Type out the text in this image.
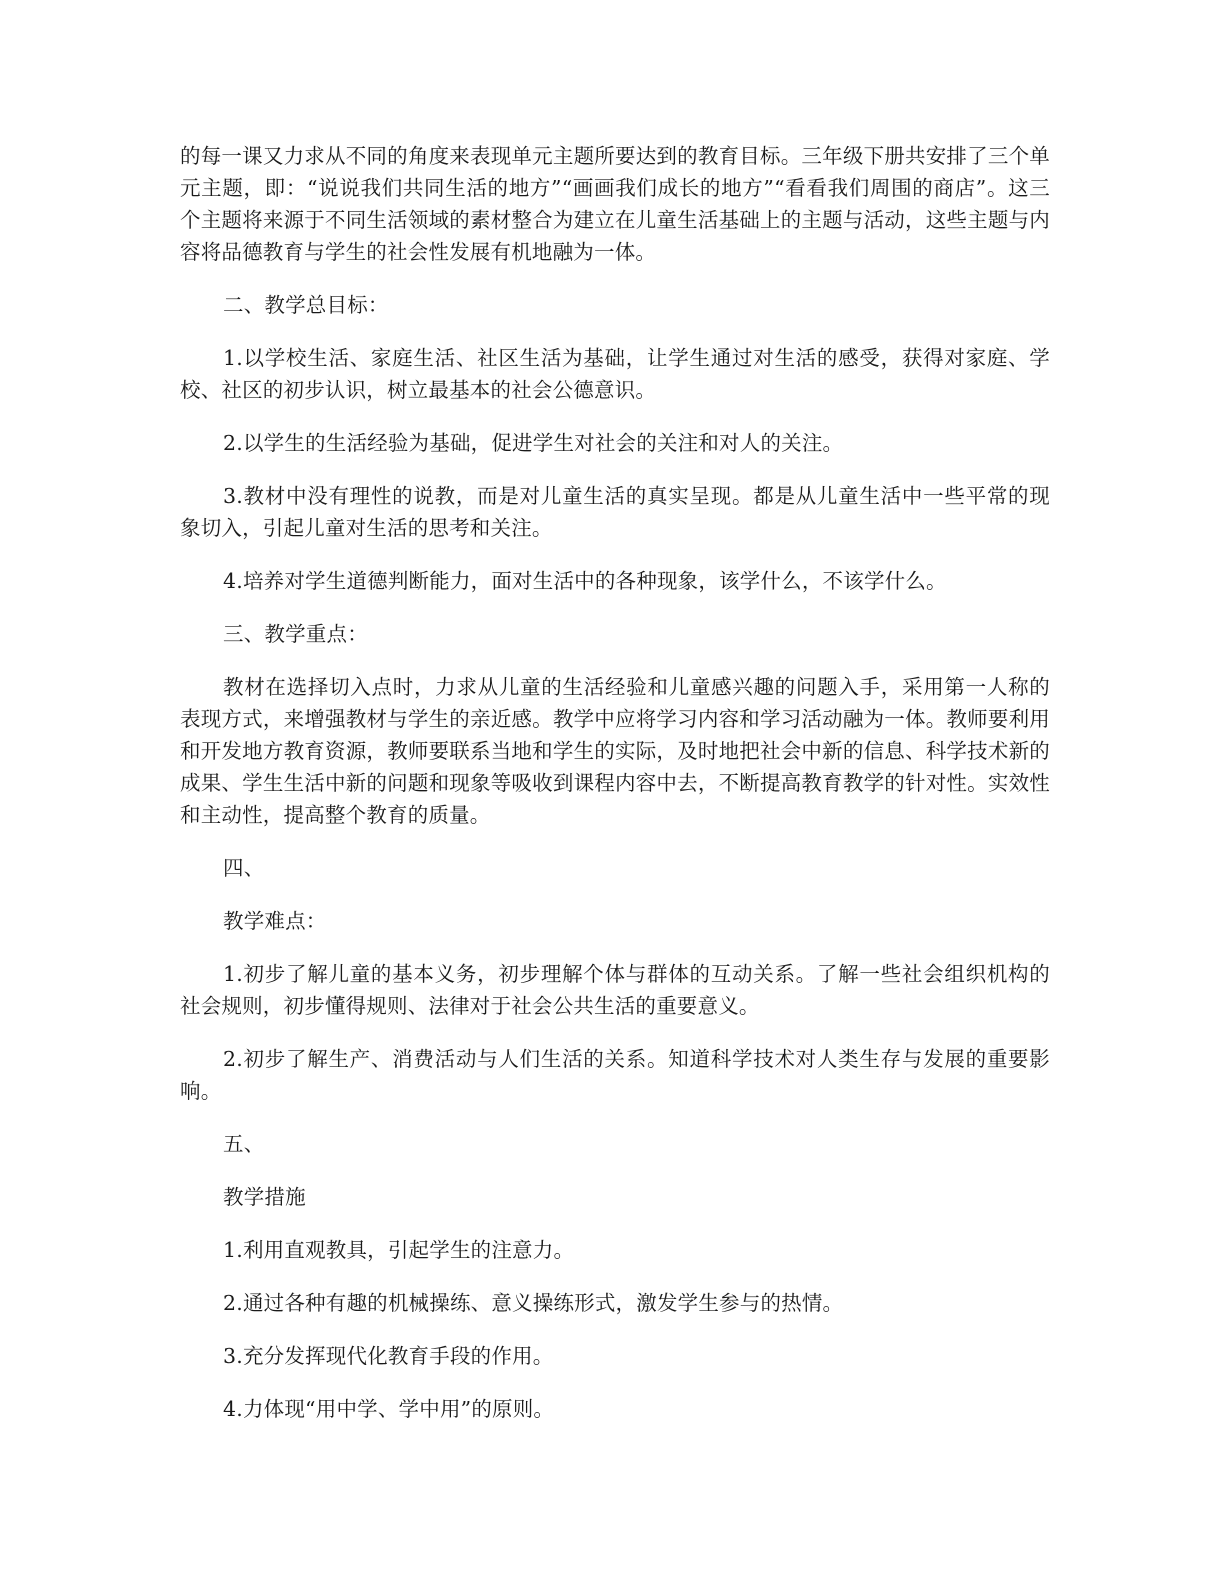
的每一课又力求从不同的角度来表现单元主题所要达到的教育目标。三年级下册共安排了三个单元主题，即：“说说我们共同生活的地方”“画画我们成长的地方”“看看我们周围的商店”。这三个主题将来源于不同生活领域的素材整合为建立在儿童生活基础上的主题与活动，这些主题与内容将品德教育与学生的社会性发展有机地融为一体。

二、教学总目标：

1.以学校生活、家庭生活、社区生活为基础，让学生通过对生活的感受，获得对家庭、学校、社区的初步认识，树立最基本的社会公德意识。

2.以学生的生活经验为基础，促进学生对社会的关注和对人的关注。

3.教材中没有理性的说教，而是对儿童生活的真实呈现。都是从儿童生活中一些平常的现象切入，引起儿童对生活的思考和关注。

4.培养对学生道德判断能力，面对生活中的各种现象，该学什么，不该学什么。

三、教学重点：

教材在选择切入点时，力求从儿童的生活经验和儿童感兴趣的问题入手，采用第一人称的表现方式，来增强教材与学生的亲近感。教学中应将学习内容和学习活动融为一体。教师要利用和开发地方教育资源，教师要联系当地和学生的实际，及时地把社会中新的信息、科学技术新的成果、学生生活中新的问题和现象等吸收到课程内容中去，不断提高教育教学的针对性。实效性和主动性，提高整个教育的质量。

四、

教学难点：

1.初步了解儿童的基本义务，初步理解个体与群体的互动关系。了解一些社会组织机构的社会规则，初步懂得规则、法律对于社会公共生活的重要意义。

2.初步了解生产、消费活动与人们生活的关系。知道科学技术对人类生存与发展的重要影响。

五、

教学措施

1.利用直观教具，引起学生的注意力。

2.通过各种有趣的机械操练、意义操练形式，激发学生参与的热情。

3.充分发挥现代化教育手段的作用。

4.力体现“用中学、学中用”的原则。
